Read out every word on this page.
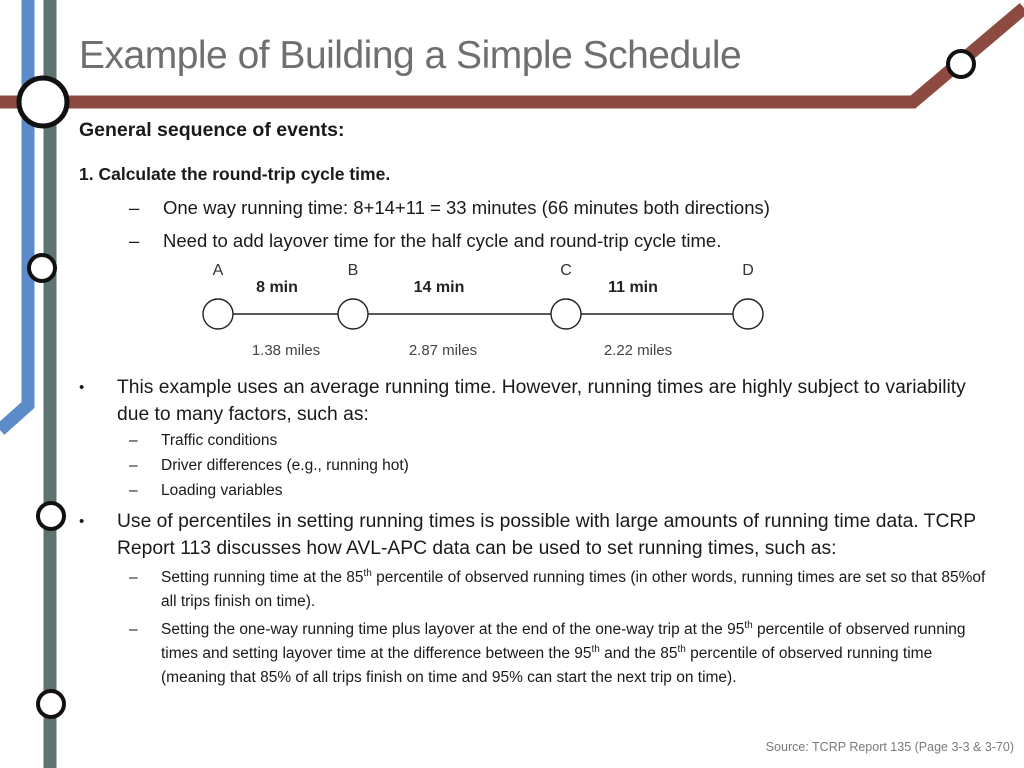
Example of Building a Simple Schedule
General sequence of events:
1. Calculate the round-trip cycle time.
– One way running time: 8+14+11 = 33 minutes (66 minutes both directions)
– Need to add layover time for the half cycle and round-trip cycle time.
A	B	C	D
8 min	14 min	11 min
1.38 miles	2.87 miles	2.22 miles
• This example uses an average running time. However, running times are highly subject to variability due to many factors, such as:
– Traffic conditions
– Driver differences (e.g., running hot)
– Loading variables
• Use of percentiles in setting running times is possible with large amounts of running time data. TCRP Report 113 discusses how AVL-APC data can be used to set running times, such as:
– Setting running time at the 85th percentile of observed running times (in other words, running times are set so that 85%of all trips finish on time).
– Setting the one-way running time plus layover at the end of the one-way trip at the 95th percentile of observed running times and setting layover time at the difference between the 95th and the 85th percentile of observed running time (meaning that 85% of all trips finish on time and 95% can start the next trip on time).
Source: TCRP Report 135 (Page 3-3 & 3-70)
